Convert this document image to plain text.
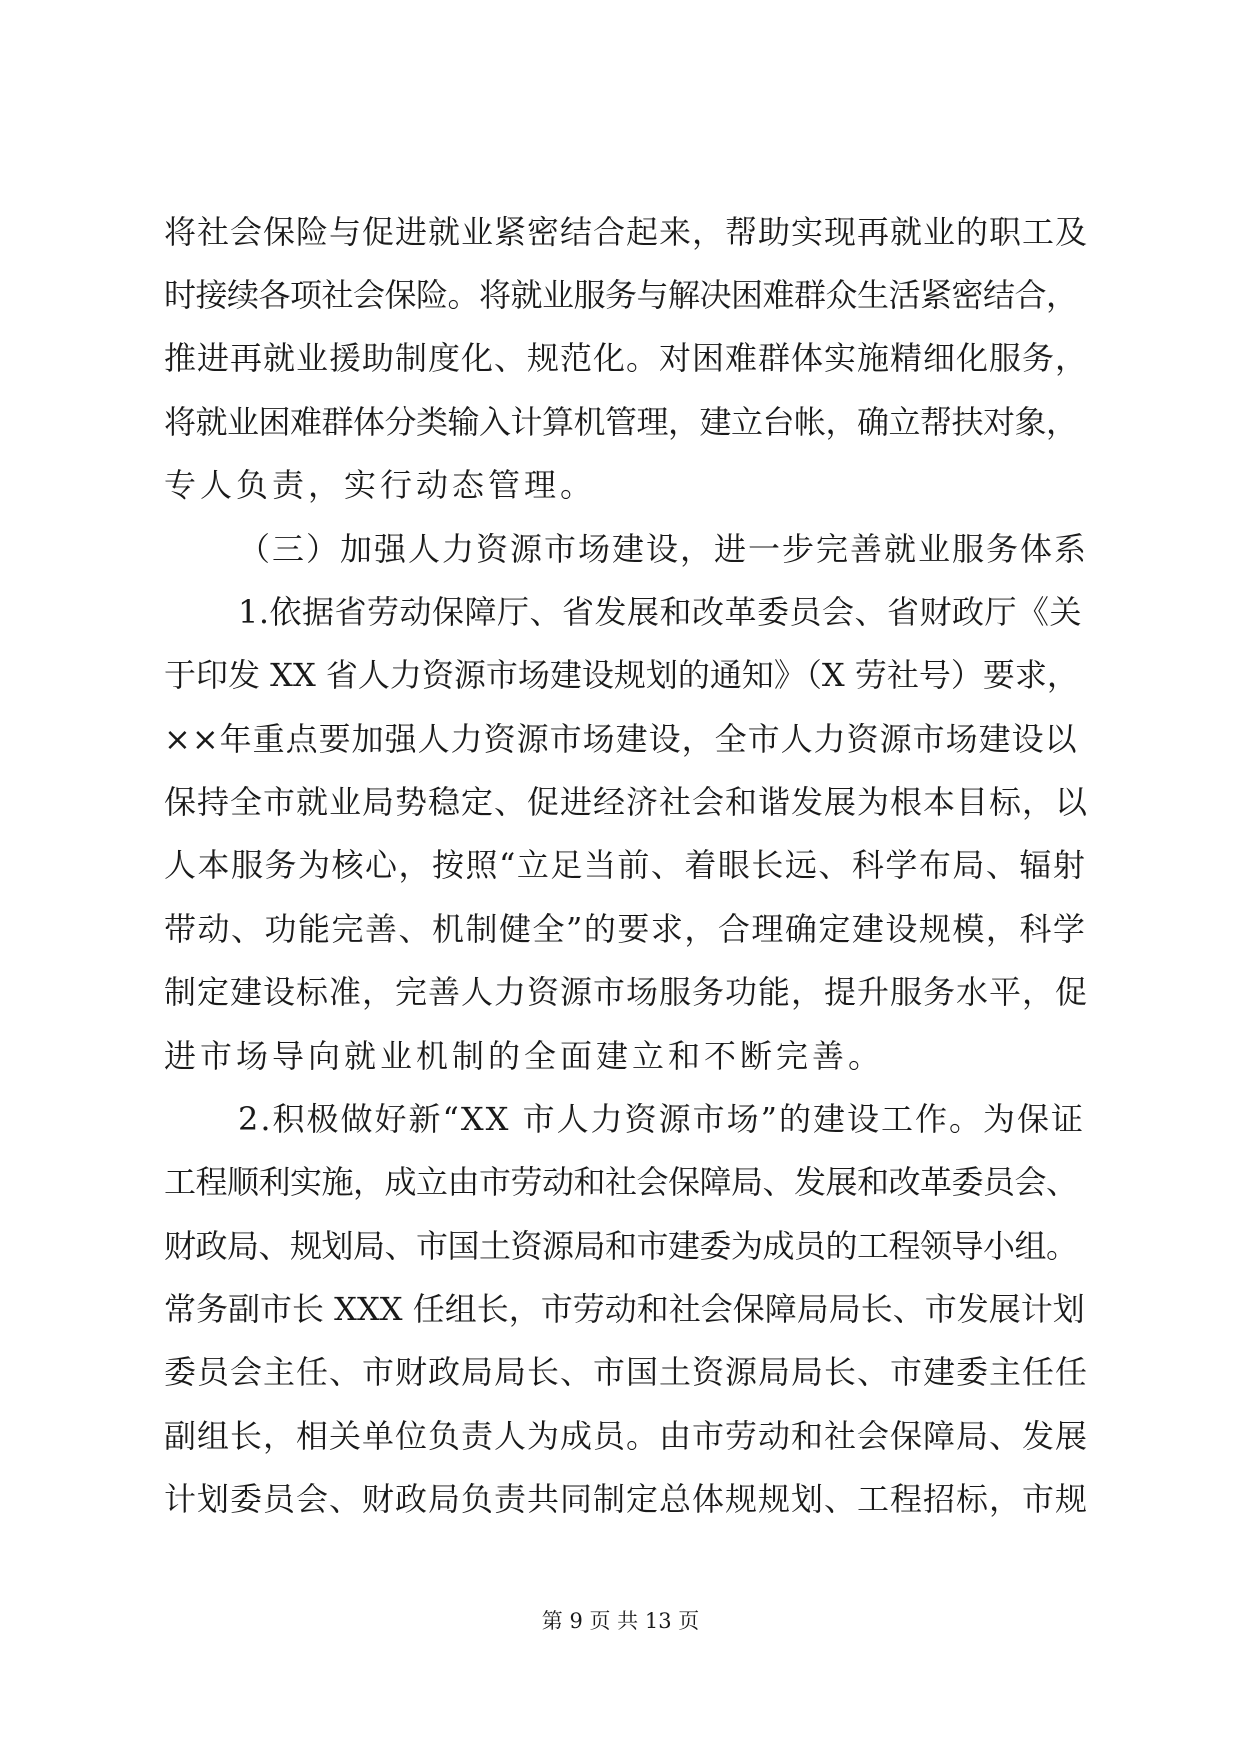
将社会保险与促进就业紧密结合起来，帮助实现再就业的职工及
时接续各项社会保险。将就业服务与解决困难群众生活紧密结合，
推进再就业援助制度化、规范化。对困难群体实施精细化服务，
将就业困难群体分类输入计算机管理，建立台帐，确立帮扶对象，
专人负责，实行动态管理。
（三）加强人力资源市场建设，进一步完善就业服务体系
1.依据省劳动保障厅、省发展和改革委员会、省财政厅《关
于印发 XX 省人力资源市场建设规划的通知》（X 劳社号）要求，
××年重点要加强人力资源市场建设，全市人力资源市场建设以
保持全市就业局势稳定、促进经济社会和谐发展为根本目标，以
人本服务为核心，按照“立足当前、着眼长远、科学布局、辐射
带动、功能完善、机制健全”的要求，合理确定建设规模，科学
制定建设标准，完善人力资源市场服务功能，提升服务水平，促
进市场导向就业机制的全面建立和不断完善。
2.积极做好新“XX 市人力资源市场”的建设工作。为保证
工程顺利实施，成立由市劳动和社会保障局、发展和改革委员会、
财政局、规划局、市国土资源局和市建委为成员的工程领导小组。
常务副市长 XXX 任组长，市劳动和社会保障局局长、市发展计划
委员会主任、市财政局局长、市国土资源局局长、市建委主任任
副组长，相关单位负责人为成员。由市劳动和社会保障局、发展
计划委员会、财政局负责共同制定总体规规划、工程招标，市规
第 9 页 共 13 页
